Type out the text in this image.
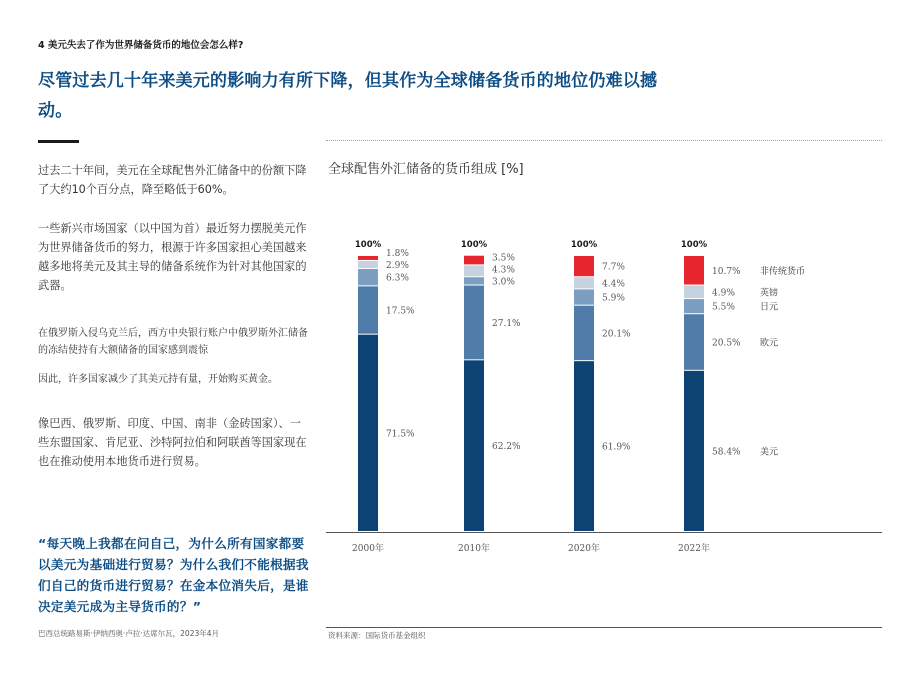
4 美元失去了作为世界储备货币的地位会怎么样?
尽管过去几十年来美元的影响力有所下降，但其作为全球储备货币的地位仍难以撼动。

过去二十年间，美元在全球配售外汇储备中的份额下降了大约10个百分点，降至略低于60%。

一些新兴市场国家（以中国为首）最近努力摆脱美元作为世界储备货币的努力，根源于许多国家担心美国越来越多地将美元及其主导的储备系统作为针对其他国家的武器。

在俄罗斯入侵乌克兰后，西方中央银行账户中俄罗斯外汇储备的冻结使持有大额储备的国家感到震惊

因此，许多国家减少了其美元持有量，开始购买黄金。

像巴西、俄罗斯、印度、中国、南非（金砖国家）、一些东盟国家、肯尼亚、沙特阿拉伯和阿联酋等国家现在也在推动使用本地货币进行贸易。

“每天晚上我都在问自己，为什么所有国家都要以美元为基础进行贸易？为什么我们不能根据我们自己的货币进行贸易？在金本位消失后，是谁决定美元成为主导货币的？”

巴西总统路易斯·伊纳西奥·卢拉·达席尔瓦，2023年4月
全球配售外汇储备的货币组成 [%]
100%
2000年
1.8%
2.9%
6.3%
17.5%
71.5%
100%
2010年
3.5%
4.3%
3.0%
27.1%
62.2%
100%
2020年
7.7%
4.4%
5.9%
20.1%
61.9%
100%
2022年
10.7% 非传统货币
4.9%	英镑
5.5%	日元
20.5% 欧元
58.4% 美元
资料来源：国际货币基金组织
